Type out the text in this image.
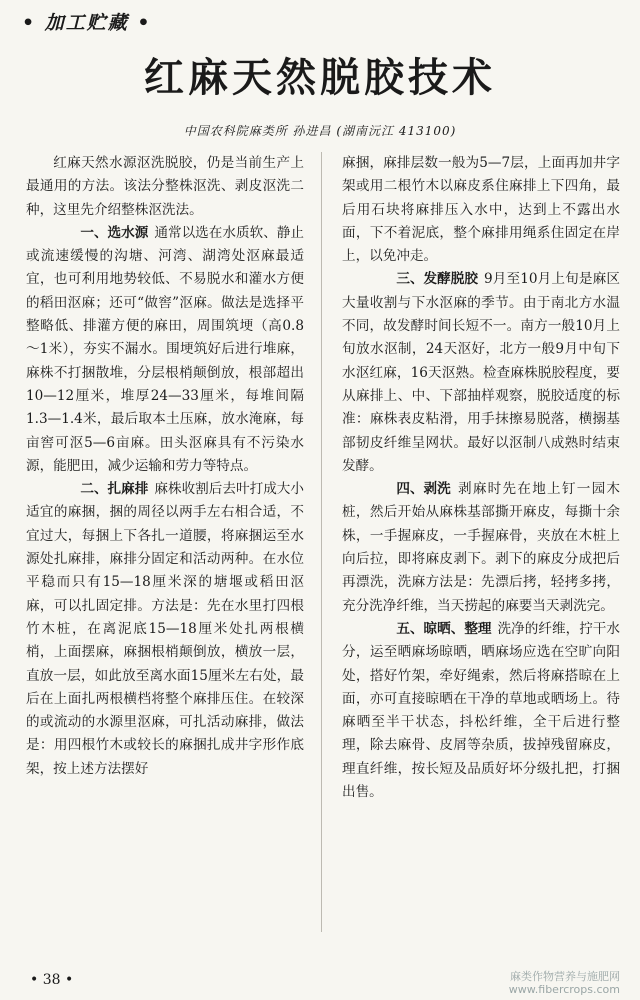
• 加工贮藏 •
红麻天然脱胶技术
中国农科院麻类所 孙进昌 (湖南沅江 413100)

红麻天然水源沤洗脱胶，仍是当前生产上最通用的方法。该法分整株沤洗、剥皮沤洗二种，这里先介绍整株沤洗法。

一、选水源 通常以选在水质软、静止或流速缓慢的沟塘、河湾、湖湾处沤麻最适宜，也可利用地势较低、不易脱水和灌水方便的稻田沤麻；还可“做窖”沤麻。做法是选择平整略低、排灌方便的麻田，周围筑埂（高0.8～1米），夯实不漏水。围埂筑好后进行堆麻，麻株不打捆散堆，分层根梢颠倒放，根部超出10—12厘米，堆厚24—33厘米，每堆间隔1.3—1.4米，最后取本土压麻，放水淹麻，每亩窖可沤5—6亩麻。田头沤麻具有不污染水源，能肥田，减少运输和劳力等特点。

二、扎麻排 麻株收割后去叶打成大小适宜的麻捆，捆的周径以两手左右相合适，不宜过大，每捆上下各扎一道腰，将麻捆运至水源处扎麻排，麻排分固定和活动两种。在水位平稳而只有15—18厘米深的塘堰或稻田沤麻，可以扎固定排。方法是：先在水里打四根竹木桩，在离泥底15—18厘米处扎两根横梢，上面摆麻，麻捆根梢颠倒放，横放一层，直放一层，如此放至离水面15厘米左右处，最后在上面扎两根横档将整个麻排压住。在较深的或流动的水源里沤麻，可扎活动麻排，做法是：用四根竹木或较长的麻捆扎成井字形作底架，按上述方法摆好

麻捆，麻排层数一般为5—7层，上面再加井字架或用二根竹木以麻皮系住麻排上下四角，最后用石块将麻排压入水中，达到上不露出水面，下不着泥底，整个麻排用绳系住固定在岸上，以免冲走。

三、发酵脱胶 9月至10月上旬是麻区大量收割与下水沤麻的季节。由于南北方水温不同，故发酵时间长短不一。南方一般10月上旬放水沤制，24天沤好，北方一般9月中旬下水沤红麻，16天沤熟。检查麻株脱胶程度，要从麻排上、中、下部抽样观察，脱胶适度的标准：麻株表皮粘滑，用手抹擦易脱落，横搦基部韧皮纤维呈网状。最好以沤制八成熟时结束发酵。

四、剥洗 剥麻时先在地上钉一园木桩，然后开始从麻株基部撕开麻皮，每撕十余株，一手握麻皮，一手握麻骨，夹放在木桩上向后拉，即将麻皮剥下。剥下的麻皮分成把后再漂洗，洗麻方法是：先漂后拷，轻拷多拷，充分洗净纤维，当天捞起的麻要当天剥洗完。

五、晾晒、整理 洗净的纤维，拧干水分，运至晒麻场晾晒，晒麻场应选在空旷向阳处，搭好竹架，牵好绳索，然后将麻搭晾在上面，亦可直接晾晒在干净的草地或晒场上。待麻晒至半干状态，抖松纤维，全干后进行整理，除去麻骨、皮屑等杂质，拔掉残留麻皮，理直纤维，按长短及品质好坏分级扎把，打捆出售。

• 38 •	麻类作物营养与施肥网
www.fibercrops.com
